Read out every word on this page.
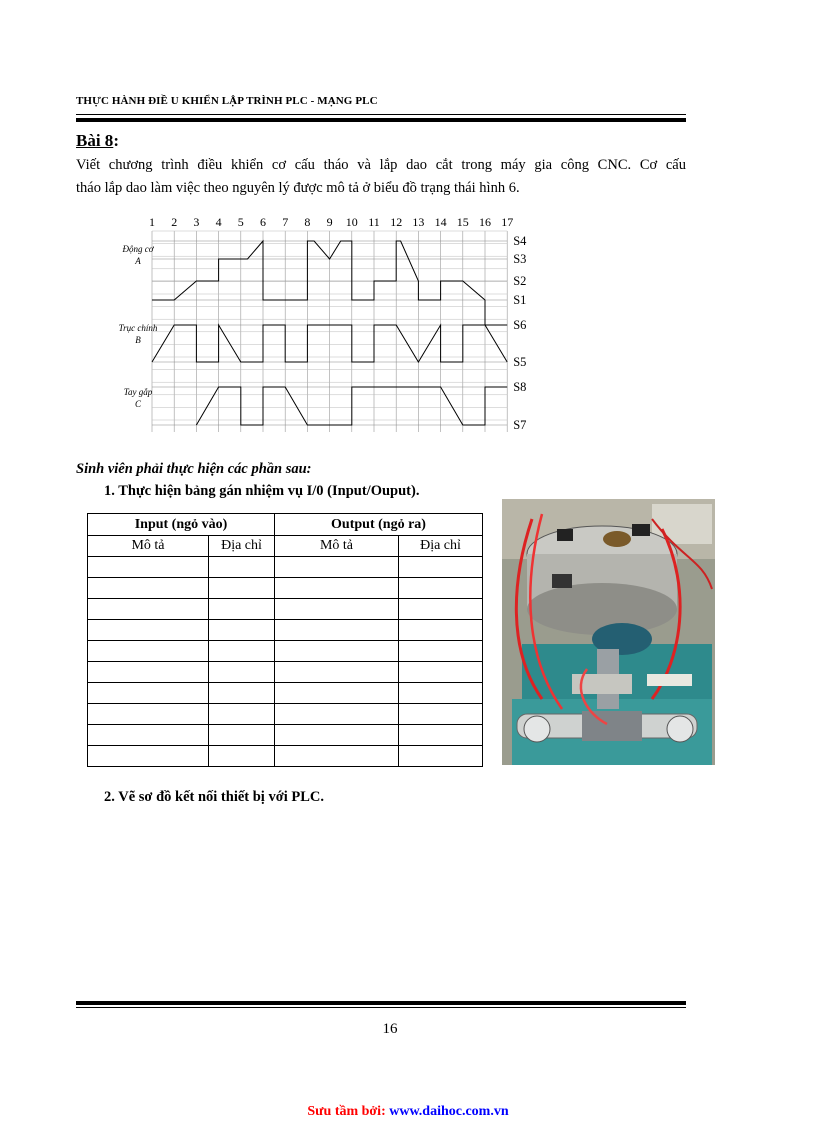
THỰC HÀNH ĐIỀ U KHIỂN LẬP TRÌNH PLC - MẠNG PLC
Bài 8:
Viết chương trình điều khiển cơ cấu tháo và lắp dao cắt trong máy gia công CNC. Cơ cấu
tháo lắp dao làm việc theo nguyên lý được mô tả ở biểu đồ trạng thái hình 6.
1 2 3 4 5 6 7 8 9 10 11 12 13 14 15 16 17
S4
S3
S2
S1
S6
S5
S8
S7
Động cơ
A
Trục chính
B
Tay gắp
C
Sinh viên phải thực hiện các phần sau:
1. Thực hiện bảng gán nhiệm vụ I/0 (Input/Ouput).
Input (ngỏ vào)		Output (ngỏ ra)	
Mô tả	Địa chỉ	Mô tả	Địa chỉ

2. Vẽ sơ đồ kết nối thiết bị với PLC.
16
Sưu tầm bởi: www.daihoc.com.vn
